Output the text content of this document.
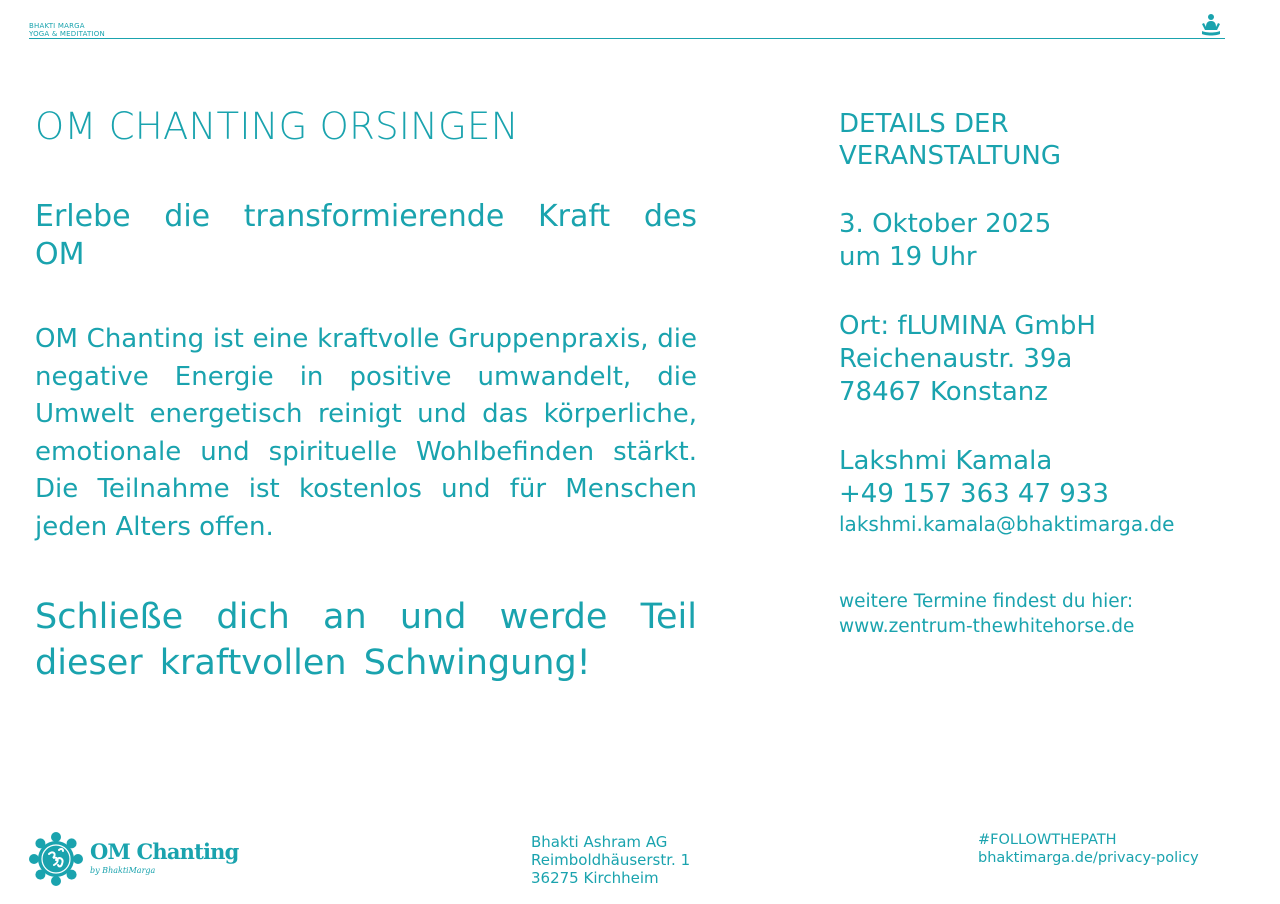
BHAKTI MARGA
YOGA & MEDITATION
OM CHANTING ORSINGEN

Erlebe die transformierende Kraft des OM

OM Chanting ist eine kraftvolle Gruppenpraxis, die negative Energie in positive umwandelt, die Umwelt energetisch reinigt und das körperliche, emotionale und spirituelle Wohlbefinden stärkt. Die Teilnahme ist kostenlos und für Menschen jeden Alters offen.

Schließe dich an und werde Teil dieser kraftvollen Schwingung!

DETAILS DER
VERANSTALTUNG
3. Oktober 2025
um 19 Uhr
Ort: fLUMINA GmbH
Reichenaustr. 39a
78467 Konstanz
Lakshmi Kamala
+49 157 363 47 933
lakshmi.kamala@bhaktimarga.de
weitere Termine findest du hier:
www.zentrum-thewhitehorse.de
OM Chanting
by BhaktiMarga
Bhakti Ashram AG
Reimboldhäuserstr. 1
36275 Kirchheim
#FOLLOWTHEPATH
bhaktimarga.de/privacy-policy
